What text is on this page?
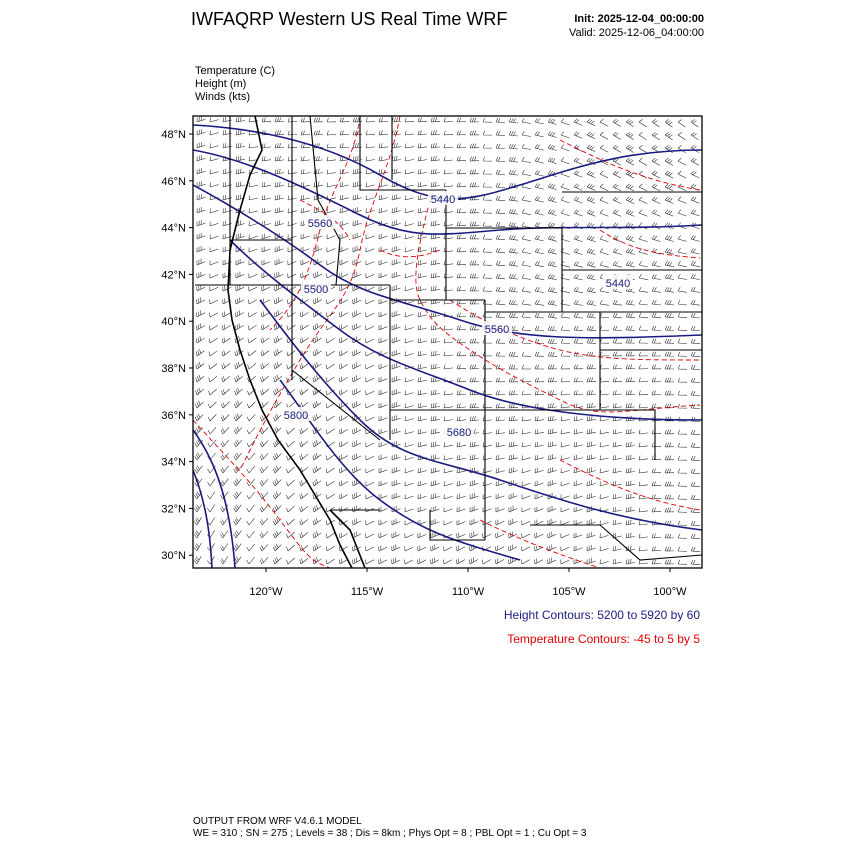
IWFAQRP Western US Real Time WRF	Init: 2025-12-04_00:00:00
Valid: 2025-12-06_04:00:00
Temperature (C)
Height (m)
Winds (kts)
48°N
46°N
44°N
42°N
40°N
38°N
36°N
34°N
32°N
30°N
120°W	115°W	110°W	105°W	100°W
5440
5560
5500	5440
5560
5800
5680
Height Contours: 5200 to 5920 by 60
Temperature Contours: -45 to 5 by 5
OUTPUT FROM WRF V4.6.1 MODEL
WE = 310 ; SN = 275 ; Levels = 38 ; Dis = 8km ; Phys Opt = 8 ; PBL Opt = 1 ; Cu Opt = 3
